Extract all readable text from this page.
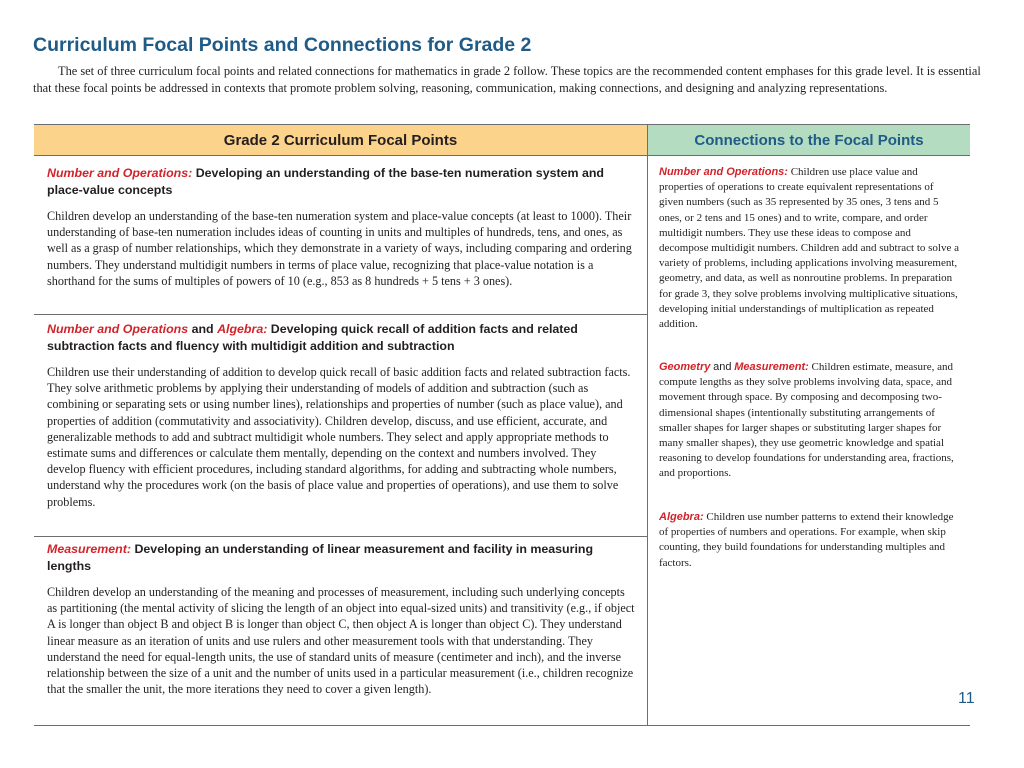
Curriculum Focal Points and Connections for Grade 2

The set of three curriculum focal points and related connections for mathematics in grade 2 follow. These topics are the recommended content emphases for this grade level. It is essential that these focal points be addressed in contexts that promote problem solving, reasoning, communication, making connections, and designing and analyzing representations.

Grade 2 Curriculum Focal Points	Connections to the Focal Points

Number and Operations: Developing an understanding of the base-ten numeration system and place-value concepts

Children develop an understanding of the base-ten numeration system and place-value concepts (at least to 1000). Their understanding of base-ten numeration includes ideas of counting in units and multiples of hundreds, tens, and ones, as well as a grasp of number relationships, which they demonstrate in a variety of ways, including comparing and ordering numbers. They understand multidigit numbers in terms of place value, recognizing that place-value notation is a shorthand for the sums of multiples of powers of 10 (e.g., 853 as 8 hundreds + 5 tens + 3 ones).

Number and Operations and Algebra: Developing quick recall of addition facts and related subtraction facts and fluency with multidigit addition and subtraction

Children use their understanding of addition to develop quick recall of basic addition facts and related subtraction facts. They solve arithmetic problems by applying their understanding of models of addition and subtraction (such as combining or separating sets or using number lines), relationships and properties of number (such as place value), and properties of addition (commutativity and associativity). Children develop, discuss, and use efficient, accurate, and generalizable methods to add and subtract multidigit whole numbers. They select and apply appropriate methods to estimate sums and differences or calculate them mentally, depending on the context and numbers involved. They develop fluency with efficient procedures, including standard algorithms, for adding and subtracting whole numbers, understand why the procedures work (on the basis of place value and properties of operations), and use them to solve problems.

Measurement: Developing an understanding of linear measurement and facility in measuring lengths

Children develop an understanding of the meaning and processes of measurement, including such underlying concepts as partitioning (the mental activity of slicing the length of an object into equal-sized units) and transitivity (e.g., if object A is longer than object B and object B is longer than object C, then object A is longer than object C). They understand linear measure as an iteration of units and use rulers and other measurement tools with that understanding. They understand the need for equal-length units, the use of standard units of measure (centimeter and inch), and the inverse relationship between the size of a unit and the number of units used in a particular measurement (i.e., children recognize that the smaller the unit, the more iterations they need to cover a given length).

Number and Operations: Children use place value and properties of operations to create equivalent representations of given numbers (such as 35 represented by 35 ones, 3 tens and 5 ones, or 2 tens and 15 ones) and to write, compare, and order multidigit numbers. They use these ideas to compose and decompose multidigit numbers. Children add and subtract to solve a variety of problems, including applications involving measurement, geometry, and data, as well as nonroutine problems. In preparation for grade 3, they solve problems involving multiplicative situations, developing initial understandings of multiplication as repeated addition.

Geometry and Measurement: Children estimate, measure, and compute lengths as they solve problems involving data, space, and movement through space. By composing and decomposing two-dimensional shapes (intentionally substituting arrangements of smaller shapes for larger shapes or substituting larger shapes for many smaller shapes), they use geometric knowledge and spatial reasoning to develop foundations for understanding area, fractions, and proportions.

Algebra: Children use number patterns to extend their knowledge of properties of numbers and operations. For example, when skip counting, they build foundations for understanding multiples and factors.

11
